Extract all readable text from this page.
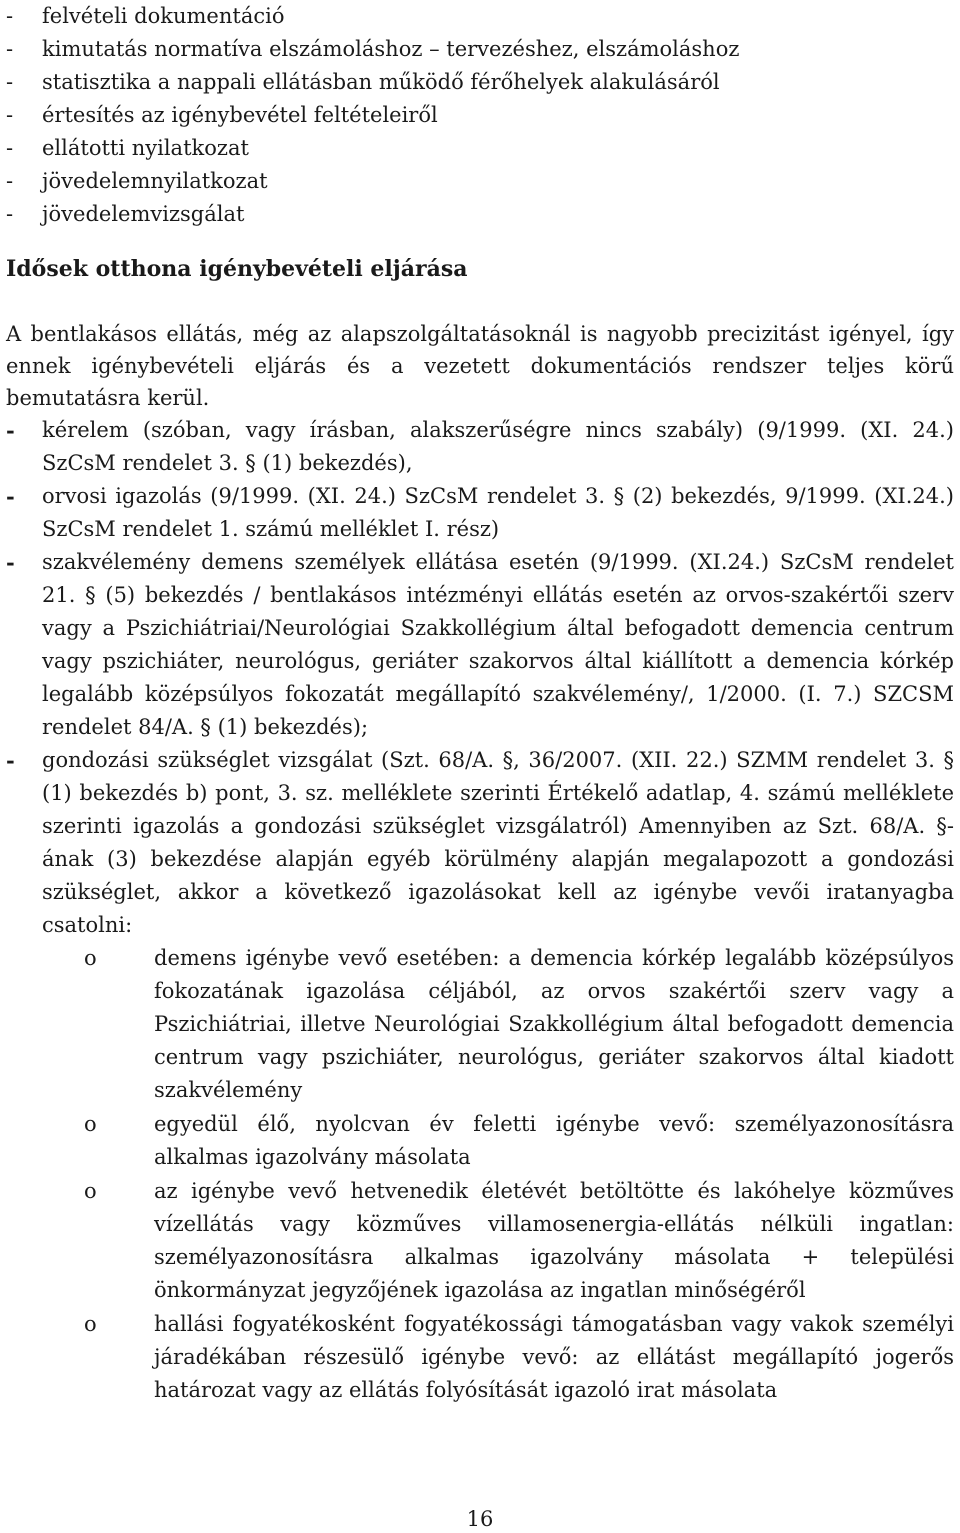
-	felvételi dokumentáció
-	kimutatás normatíva elszámoláshoz – tervezéshez, elszámoláshoz
-	statisztika a nappali ellátásban működő férőhelyek alakulásáról
-	értesítés az igénybevétel feltételeiről
-	ellátotti nyilatkozat
-	jövedelemnyilatkozat
-	jövedelemvizsgálat

Idősek otthona igénybevételi eljárása

A bentlakásos ellátás, még az alapszolgáltatásoknál is nagyobb precizitást igényel, így ennek igénybevételi eljárás és a vezetett dokumentációs rendszer teljes körű bemutatásra kerül.

-	kérelem (szóban, vagy írásban, alakszerűségre nincs szabály) (9/1999. (XI. 24.) SzCsM rendelet 3. § (1) bekezdés),
-	orvosi igazolás (9/1999. (XI. 24.) SzCsM rendelet 3. § (2) bekezdés, 9/1999. (XI.24.) SzCsM rendelet 1. számú melléklet I. rész)
-	szakvélemény demens személyek ellátása esetén (9/1999. (XI.24.) SzCsM rendelet 21. § (5) bekezdés / bentlakásos intézményi ellátás esetén az orvos-szakértői szerv vagy a Pszichiátriai/Neurológiai Szakkollégium által befogadott demencia centrum vagy pszichiáter, neurológus, geriáter szakorvos által kiállított a demencia kórkép legalább középsúlyos fokozatát megállapító szakvélemény/, 1/2000. (I. 7.) SZCSM rendelet 84/A. § (1) bekezdés);
-	gondozási szükséglet vizsgálat (Szt. 68/A. §, 36/2007. (XII. 22.) SZMM rendelet 3. § (1) bekezdés b) pont, 3. sz. melléklete szerinti Értékelő adatlap, 4. számú melléklete szerinti igazolás a gondozási szükséglet vizsgálatról) Amennyiben az Szt. 68/A. §-ának (3) bekezdése alapján egyéb körülmény alapján megalapozott a gondozási szükséglet, akkor a következő igazolásokat kell az igénybe vevői iratanyagba csatolni:
o	demens igénybe vevő esetében: a demencia kórkép legalább középsúlyos fokozatának igazolása céljából, az orvos szakértői szerv vagy a Pszichiátriai, illetve Neurológiai Szakkollégium által befogadott demencia centrum vagy pszichiáter, neurológus, geriáter szakorvos által kiadott szakvélemény
o	egyedül élő, nyolcvan év feletti igénybe vevő: személyazonosításra alkalmas igazolvány másolata
o	az igénybe vevő hetvenedik életévét betöltötte és lakóhelye közműves vízellátás vagy közműves villamosenergia-ellátás nélküli ingatlan: személyazonosításra alkalmas igazolvány másolata + települési önkormányzat jegyzőjének igazolása az ingatlan minőségéről
o	hallási fogyatékosként fogyatékossági támogatásban vagy vakok személyi járadékában részesülő igénybe vevő: az ellátást megállapító jogerős határozat vagy az ellátás folyósítását igazoló irat másolata
16
